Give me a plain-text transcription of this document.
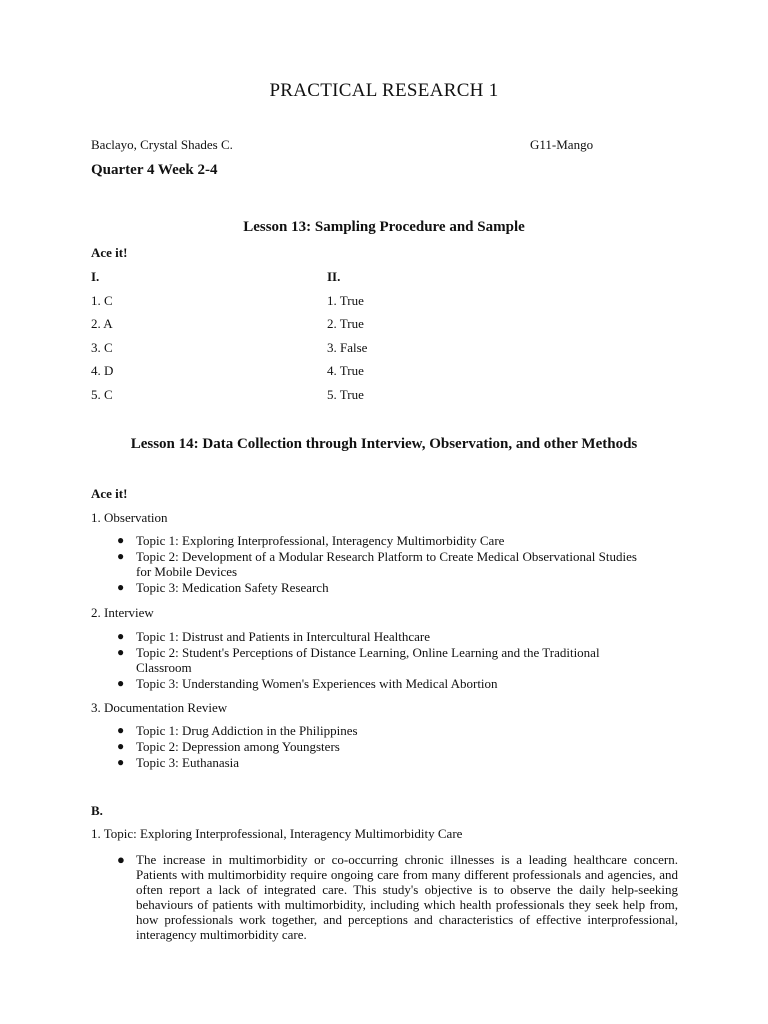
PRACTICAL RESEARCH 1
Baclayo, Crystal Shades C.	G11-Mango
Quarter 4 Week 2-4
Lesson 13: Sampling Procedure and Sample
Ace it!
I.	II.
1. C
2. A
3. C
4. D
5. C
1. True
2. True
3. False
4. True
5. True
Lesson 14: Data Collection through Interview, Observation, and other Methods
Ace it!
1. Observation
● Topic 1: Exploring Interprofessional, Interagency Multimorbidity Care
● Topic 2: Development of a Modular Research Platform to Create Medical Observational Studies for Mobile Devices
● Topic 3: Medication Safety Research
2. Interview
● Topic 1: Distrust and Patients in Intercultural Healthcare
● Topic 2: Student's Perceptions of Distance Learning, Online Learning and the Traditional Classroom
● Topic 3: Understanding Women's Experiences with Medical Abortion
3. Documentation Review
● Topic 1: Drug Addiction in the Philippines
● Topic 2: Depression among Youngsters
● Topic 3: Euthanasia
B.
1. Topic: Exploring Interprofessional, Interagency Multimorbidity Care
● The increase in multimorbidity or co-occurring chronic illnesses is a leading healthcare concern. Patients with multimorbidity require ongoing care from many different professionals and agencies, and often report a lack of integrated care. This study's objective is to observe the daily help-seeking behaviours of patients with multimorbidity, including which health professionals they seek help from, how professionals work together, and perceptions and characteristics of effective interprofessional, interagency multimorbidity care.
